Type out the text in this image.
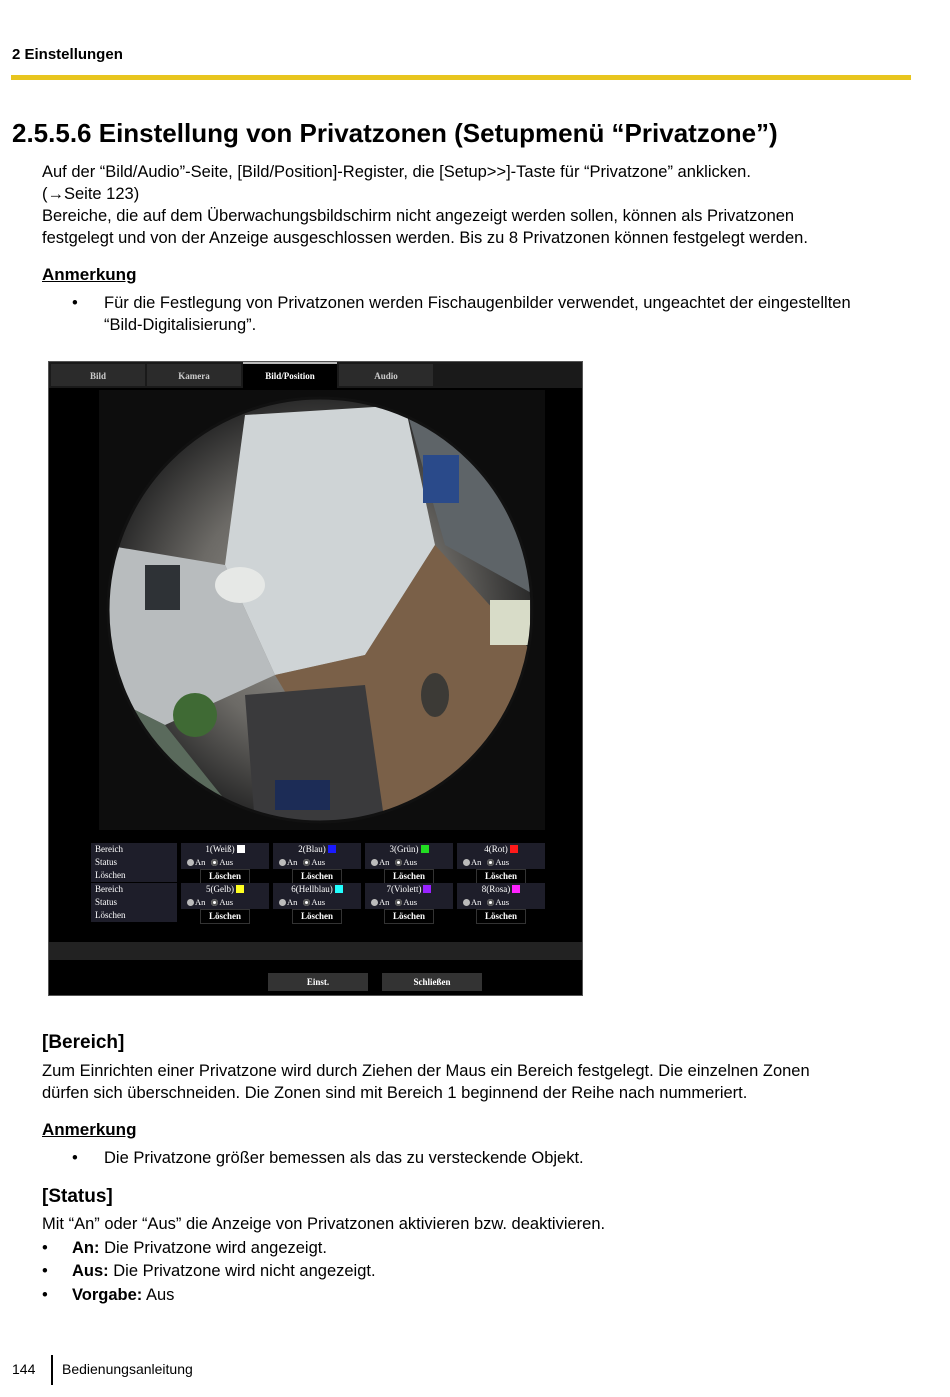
2 Einstellungen
2.5.5.6 Einstellung von Privatzonen (Setupmenü “Privatzone”)
Auf der “Bild/Audio”-Seite, [Bild/Position]-Register, die [Setup>>]-Taste für “Privatzone” anklicken.
(→Seite 123)
Bereiche, die auf dem Überwachungsbildschirm nicht angezeigt werden sollen, können als Privatzonen
festgelegt und von der Anzeige ausgeschlossen werden. Bis zu 8 Privatzonen können festgelegt werden.
Anmerkung
• Für die Festlegung von Privatzonen werden Fischaugenbilder verwendet, ungeachtet der eingestellten
“Bild-Digitalisierung”.
Bild	Kamera	Bild/Position	Audio
Bereich	1(Weiß)	2(Blau)	3(Grün)	4(Rot)
Status	An Aus	An Aus	An Aus	An Aus
Löschen	Löschen	Löschen	Löschen	Löschen
Bereich	5(Gelb)	6(Hellblau)	7(Violett)	8(Rosa)
Status	An Aus	An Aus	An Aus	An Aus
Löschen	Löschen	Löschen	Löschen	Löschen
Einst.	Schließen
[Bereich]
Zum Einrichten einer Privatzone wird durch Ziehen der Maus ein Bereich festgelegt. Die einzelnen Zonen
dürfen sich überschneiden. Die Zonen sind mit Bereich 1 beginnend der Reihe nach nummeriert.
Anmerkung
• Die Privatzone größer bemessen als das zu versteckende Objekt.
[Status]
Mit “An” oder “Aus” die Anzeige von Privatzonen aktivieren bzw. deaktivieren.
• An: Die Privatzone wird angezeigt.
• Aus: Die Privatzone wird nicht angezeigt.
• Vorgabe: Aus
144 Bedienungsanleitung
